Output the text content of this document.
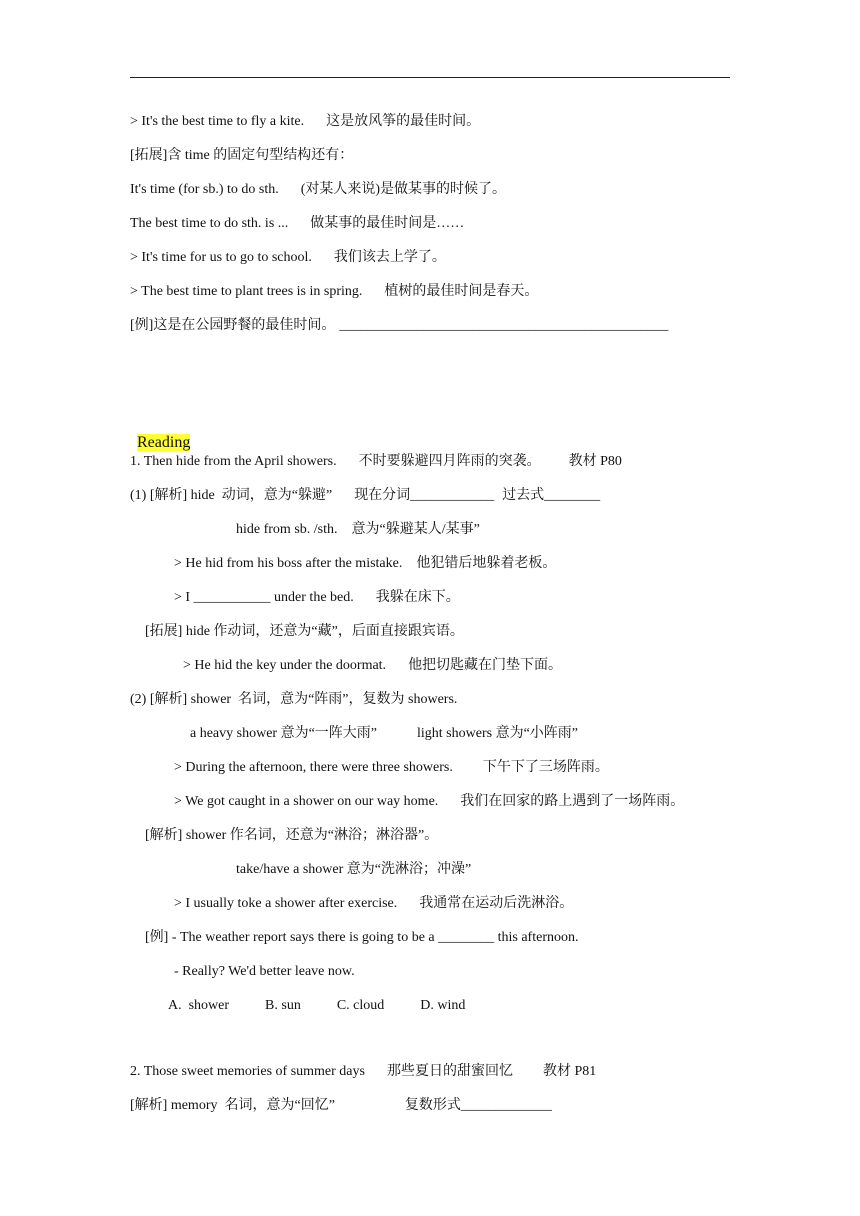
Reading

> It's the best time to fly a kite. 这是放风筝的最佳时间。
[拓展]含 time 的固定句型结构还有：
It's time (for sb.) to do sth. (对某人来说)是做某事的时候了。
The best time to do sth. is ... 做某事的最佳时间是……
> It's time for us to go to school. 我们该去上学了。
> The best time to plant trees is in spring. 植树的最佳时间是春天。
[例]这是在公园野餐的最佳时间。 _______________________________________________
1. Then hide from the April showers. 不时要躲避四月阵雨的突袭。 教材 P80
(1) [解析] hide  动词，意为“躲避” 现在分词____________ 过去式________
hide from sb. /sth. 意为“躲避某人/某事”
> He hid from his boss after the mistake. 他犯错后地躲着老板。
> I ___________ under the bed. 我躲在床下。
[拓展] hide 作动词，还意为“藏”，后面直接跟宾语。
> He hid the key under the doormat. 他把切匙藏在门垫下面。
(2) [解析] shower  名词，意为“阵雨”，复数为 showers.
a heavy shower 意为“一阵大雨”	light showers 意为“小阵雨”
> During the afternoon, there were three showers. 下午下了三场阵雨。
> We got caught in a shower on our way home. 我们在回家的路上遇到了一场阵雨。
[解析] shower 作名词，还意为“淋浴；淋浴器”。
take/have a shower 意为“洗淋浴；冲澡”
> I usually toke a shower after exercise. 我通常在运动后洗淋浴。
[例] - The weather report says there is going to be a ________ this afternoon.
- Really? We'd better leave now.
A.  shower	B. sun	C. cloud	D. wind
2. Those sweet memories of summer days 那些夏日的甜蜜回忆 教材 P81
[解析] memory  名词，意为“回忆”	复数形式_____________
